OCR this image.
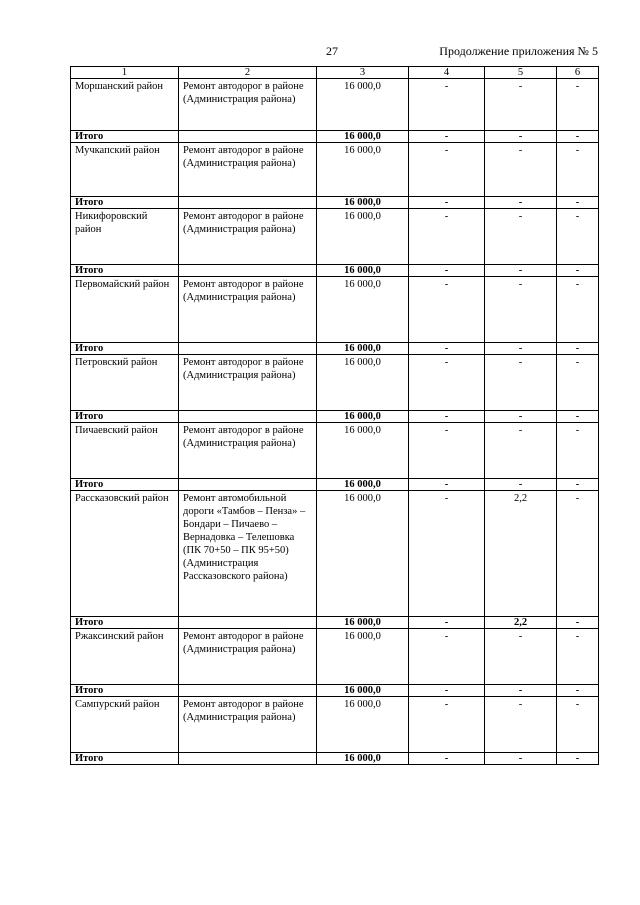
27	Продолжение приложения № 5
1	2	3	4	5	6
Моршанский район	Ремонт автодорог в районе (Администрация района)	16 000,0	-	-	-
Итого		16 000,0	-	-	-
Мучкапский район	Ремонт автодорог в районе (Администрация района)	16 000,0	-	-	-
Итого		16 000,0	-	-	-
Никифоровский район	Ремонт автодорог в районе (Администрация района)	16 000,0	-	-	-
Итого		16 000,0	-	-	-
Первомайский район	Ремонт автодорог в районе (Администрация района)	16 000,0	-	-	-
Итого		16 000,0	-	-	-
Петровский район	Ремонт автодорог в районе (Администрация района)	16 000,0	-	-	-
Итого		16 000,0	-	-	-
Пичаевский район	Ремонт автодорог в районе (Администрация района)	16 000,0	-	-	-
Итого		16 000,0	-	-	-
Рассказовский район	Ремонт автомобильной дороги «Тамбов – Пенза» – Бондари – Пичаево – Вернадовка – Телешовка (ПК 70+50 – ПК 95+50) (Администрация Рассказовского района)	16 000,0	-	2,2	-
Итого		16 000,0	-	2,2	-
Ржаксинский район	Ремонт автодорог в районе (Администрация района)	16 000,0	-	-	-
Итого		16 000,0	-	-	-
Сампурский район	Ремонт автодорог в районе (Администрация района)	16 000,0	-	-	-
Итого		16 000,0	-	-	-
